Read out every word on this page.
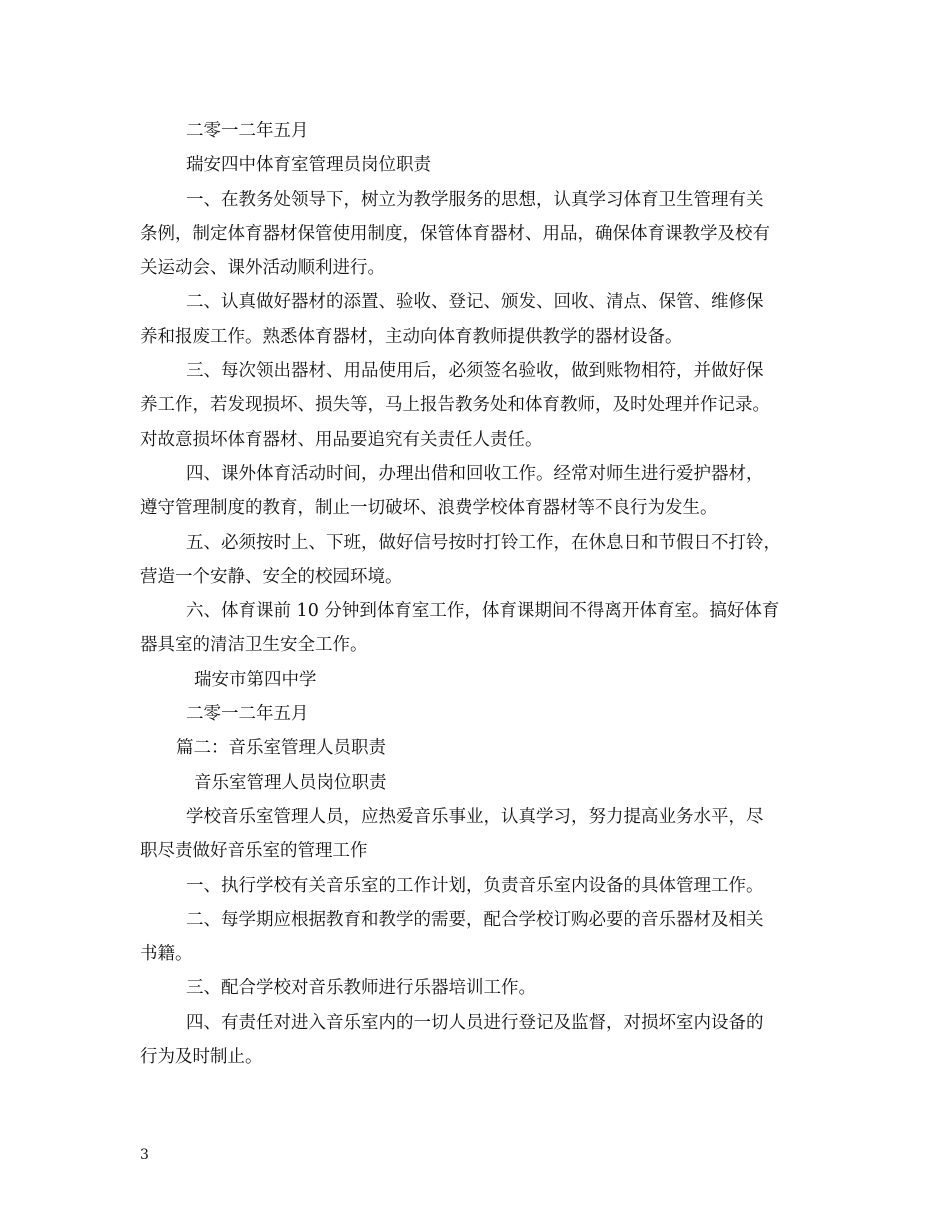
二零一二年五月

瑞安四中体育室管理员岗位职责

一、在教务处领导下，树立为教学服务的思想，认真学习体育卫生管理有关

条例，制定体育器材保管使用制度，保管体育器材、用品，确保体育课教学及校有

关运动会、课外活动顺利进行。

二、认真做好器材的添置、验收、登记、颁发、回收、清点、保管、维修保

养和报废工作。熟悉体育器材，主动向体育教师提供教学的器材设备。

三、每次领出器材、用品使用后，必须签名验收，做到账物相符，并做好保

养工作，若发现损坏、损失等，马上报告教务处和体育教师，及时处理并作记录。

对故意损坏体育器材、用品要追究有关责任人责任。

四、课外体育活动时间，办理出借和回收工作。经常对师生进行爱护器材，

遵守管理制度的教育，制止一切破坏、浪费学校体育器材等不良行为发生。

五、必须按时上、下班，做好信号按时打铃工作，在休息日和节假日不打铃，

营造一个安静、安全的校园环境。

六、体育课前 10 分钟到体育室工作，体育课期间不得离开体育室。搞好体育

器具室的清洁卫生安全工作。

瑞安市第四中学

二零一二年五月

篇二：音乐室管理人员职责

音乐室管理人员岗位职责

学校音乐室管理人员，应热爱音乐事业，认真学习，努力提高业务水平，尽

职尽责做好音乐室的管理工作

一、执行学校有关音乐室的工作计划，负责音乐室内设备的具体管理工作。

二、每学期应根据教育和教学的需要，配合学校订购必要的音乐器材及相关

书籍。

三、配合学校对音乐教师进行乐器培训工作。

四、有责任对进入音乐室内的一切人员进行登记及监督，对损坏室内设备的

行为及时制止。

3
